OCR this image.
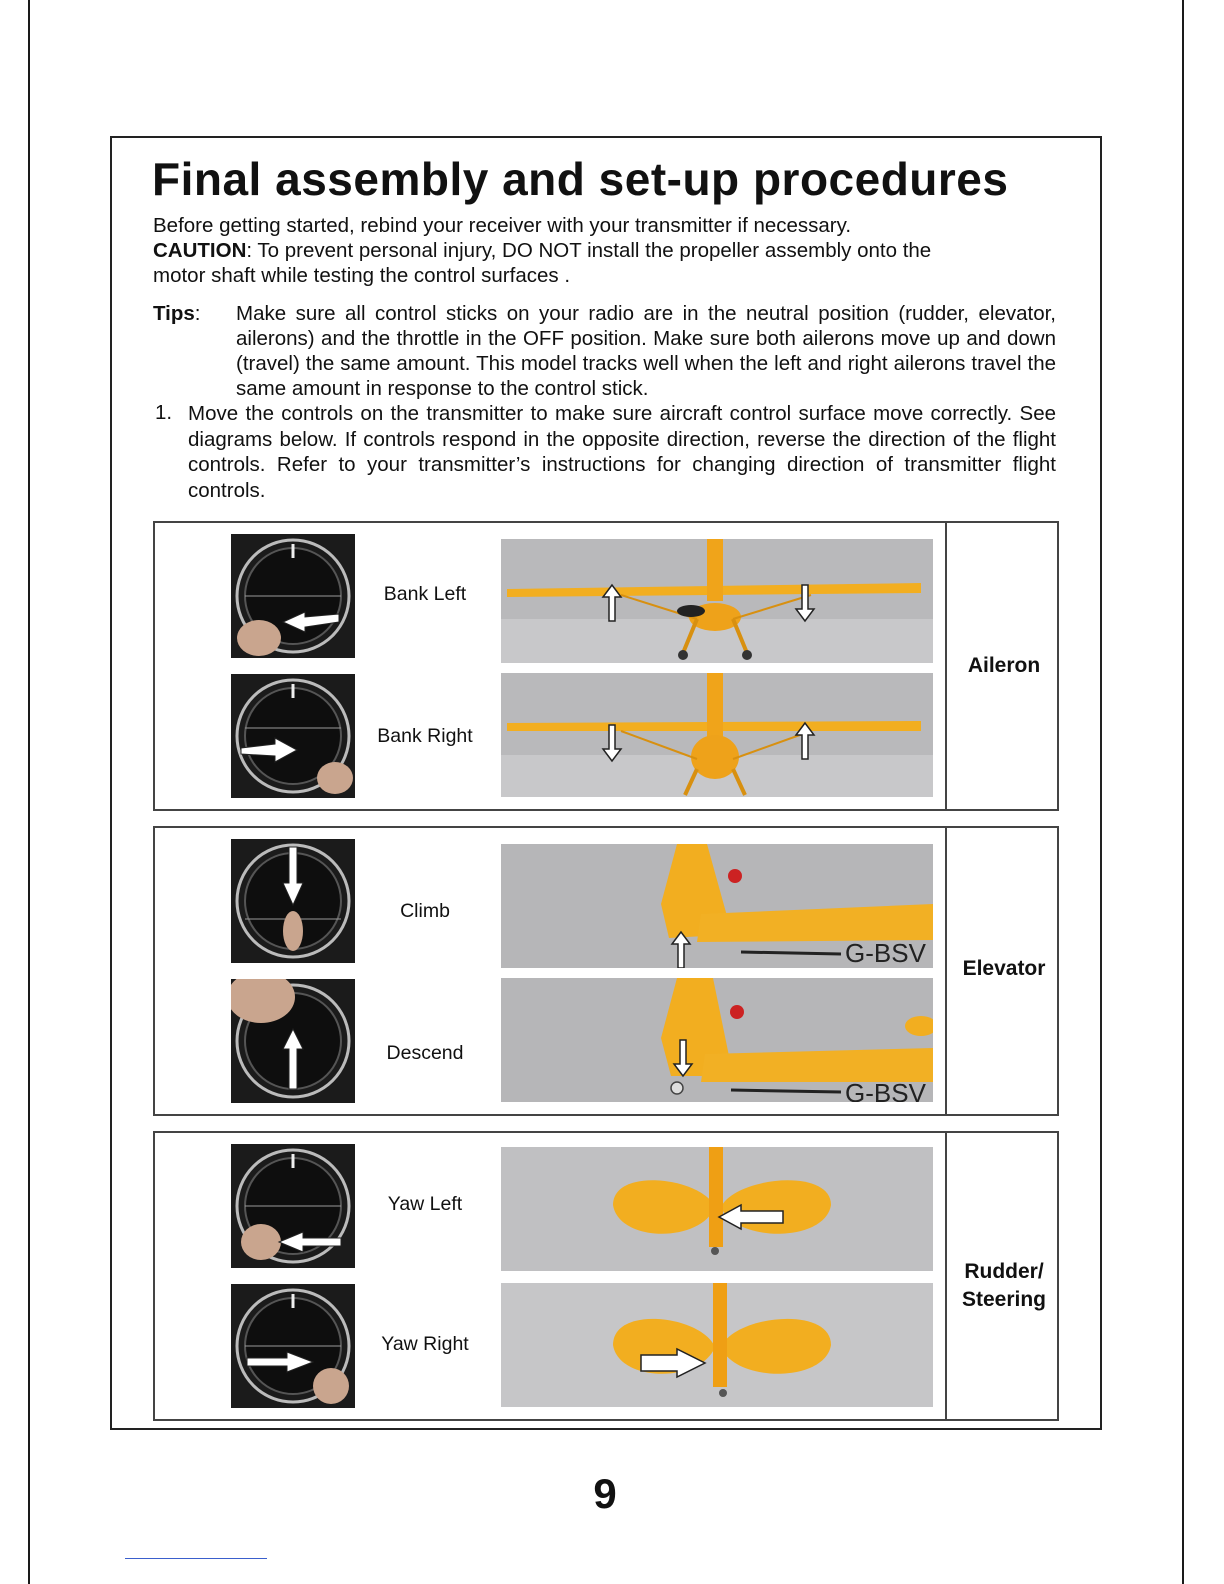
Final assembly and set-up procedures
Before getting started, rebind your receiver with your transmitter if necessary.
CAUTION: To prevent personal injury, DO NOT install the propeller assembly onto the
motor shaft while testing the control surfaces .
Tips: Make sure all control sticks on your radio are in the neutral position (rudder, elevator, ailerons) and the throttle in the OFF position. Make sure both ailerons move up and down (travel) the same amount. This model tracks well when the left and right ailerons travel the same amount in response to the control stick.
1. Move the controls on the transmitter to make sure aircraft control surface move correctly. See diagrams below. If controls respond in the opposite direction, reverse the direction of the flight controls. Refer to your transmitter’s instructions for changing direction of transmitter flight controls.
Aileron
Bank Left
Bank Right
Elevator
Climb
G-BSV
Descend
G-BSV
Rudder/
Steering
Yaw Left
Yaw Right
9
